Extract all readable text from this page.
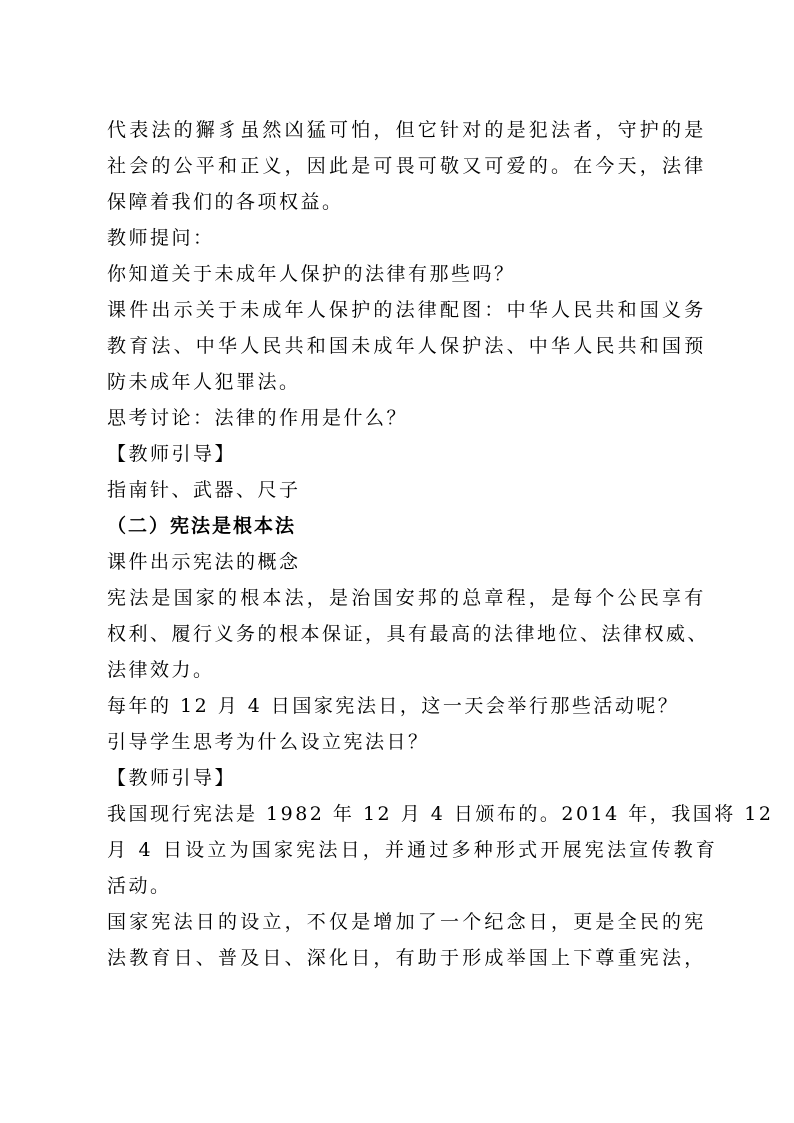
代表法的獬豸虽然凶猛可怕，但它针对的是犯法者，守护的是
社会的公平和正义，因此是可畏可敬又可爱的。在今天，法律
保障着我们的各项权益。
教师提问：
你知道关于未成年人保护的法律有那些吗？
课件出示关于未成年人保护的法律配图：中华人民共和国义务
教育法、中华人民共和国未成年人保护法、中华人民共和国预
防未成年人犯罪法。
思考讨论：法律的作用是什么？
【教师引导】
指南针、武器、尺子
（二）宪法是根本法
课件出示宪法的概念
宪法是国家的根本法，是治国安邦的总章程，是每个公民享有
权利、履行义务的根本保证，具有最高的法律地位、法律权威、
法律效力。
每年的 12 月 4 日国家宪法日，这一天会举行那些活动呢？
引导学生思考为什么设立宪法日？
【教师引导】
我国现行宪法是 1982 年 12 月 4 日颁布的。2014 年，我国将 12
月 4 日设立为国家宪法日，并通过多种形式开展宪法宣传教育
活动。
国家宪法日的设立，不仅是增加了一个纪念日，更是全民的宪
法教育日、普及日、深化日，有助于形成举国上下尊重宪法，
